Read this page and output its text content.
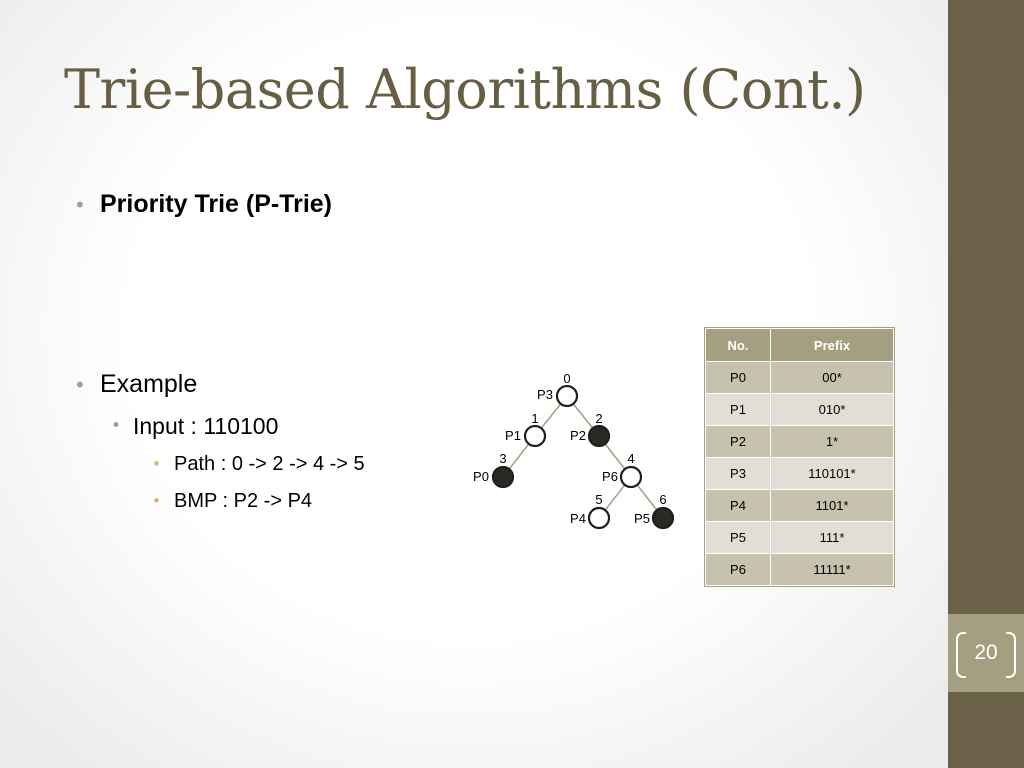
20
Trie-based Algorithms (Cont.)
• Priority Trie (P-Trie)
• Example
• Input : 110100
• Path : 0 -> 2 -> 4 -> 5
• BMP : P2 -> P4
0
P3
1
P1
2
P2
3
P0
4
P6
5
P4
6
P5
No.	Prefix
P0	00*
P1	010*
P2	1*
P3	110101*
P4	1101*
P5	111*
P6	11111*
